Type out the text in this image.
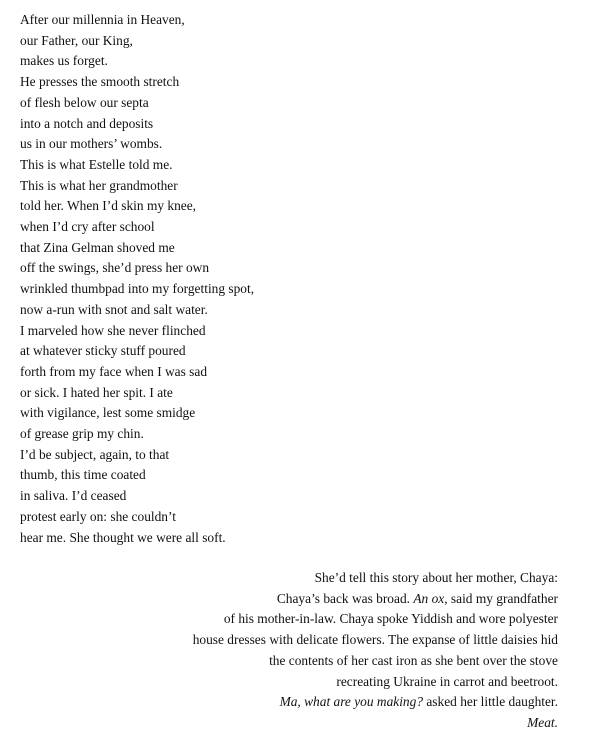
After our millennia in Heaven,
our Father, our King,
makes us forget.
He presses the smooth stretch
of flesh below our septa
into a notch and deposits
us in our mothers’ wombs.
This is what Estelle told me.
This is what her grandmother
told her. When I’d skin my knee,
when I’d cry after school
that Zina Gelman shoved me
off the swings, she’d press her own
wrinkled thumbpad into my forgetting spot,
now a-run with snot and salt water.
I marveled how she never flinched
at whatever sticky stuff poured
forth from my face when I was sad
or sick. I hated her spit. I ate
with vigilance, lest some smidge
of grease grip my chin.
I’d be subject, again, to that
thumb, this time coated
in saliva. I’d ceased
protest early on: she couldn’t
hear me. She thought we were all soft.
She’d tell this story about her mother, Chaya:
Chaya’s back was broad. An ox, said my grandfather
of his mother-in-law. Chaya spoke Yiddish and wore polyester
house dresses with delicate flowers. The expanse of little daisies hid
the contents of her cast iron as she bent over the stove
recreating Ukraine in carrot and beetroot.
Ma, what are you making? asked her little daughter.
Meat.
